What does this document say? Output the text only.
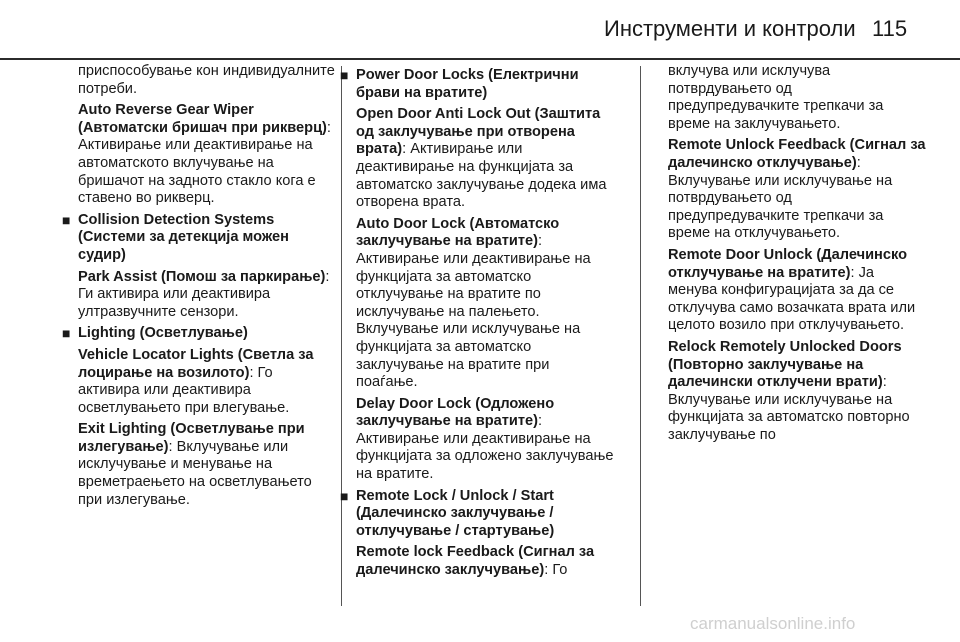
Инструменти и контроли 115
приспособување кон индивидуалните потреби.
Auto Reverse Gear Wiper (Автоматски бришач при рикверц): Активирање или деактивирање на автоматското вклучување на бришачот на задното стакло кога е ставено во рикверц.
■ Collision Detection Systems (Системи за детекција можен судир)
Park Assist (Помош за паркирање): Ги активира или деактивира ултразвучните сензори.
■ Lighting (Осветлување)
Vehicle Locator Lights (Светла за лоцирање на возилото): Го активира или деактивира осветлувањето при влегување.
Exit Lighting (Осветлување при излегување): Вклучување или исклучување и менување на времетраењето на осветлувањето при излегување.
■ Power Door Locks (Електрични брави на вратите)
Open Door Anti Lock Out (Заштита од заклучување при отворена врата): Активирање или деактивирање на функцијата за автоматско заклучување додека има отворена врата.
Auto Door Lock (Автоматско заклучување на вратите): Активирање или деактивирање на функцијата за автоматско отклучување на вратите по исклучување на палењето. Вклучување или исклучување на функцијата за автоматско заклучување на вратите при поаѓање.
Delay Door Lock (Одложено заклучување на вратите): Активирање или деактивирање на функцијата за одложено заклучување на вратите.
■ Remote Lock / Unlock / Start (Далечинско заклучување / отклучување / стартување)
Remote lock Feedback (Сигнал за далечинско заклучување): Го
вклучува или исклучува потврдувањето од предупредувачките трепкачи за време на заклучувањето.
Remote Unlock Feedback (Сигнал за далечинско отклучување): Вклучување или исклучување на потврдувањето од предупредувачките трепкачи за време на отклучувањето.
Remote Door Unlock (Далечинско отклучување на вратите): Ја менува конфигурацијата за да се отклучува само возачката врата или целото возило при отклучувањето.
Relock Remotely Unlocked Doors (Повторно заклучување на далечински отклучени врати): Вклучување или исклучување на функцијата за автоматско повторно заклучување по
carmanualsonline.info
